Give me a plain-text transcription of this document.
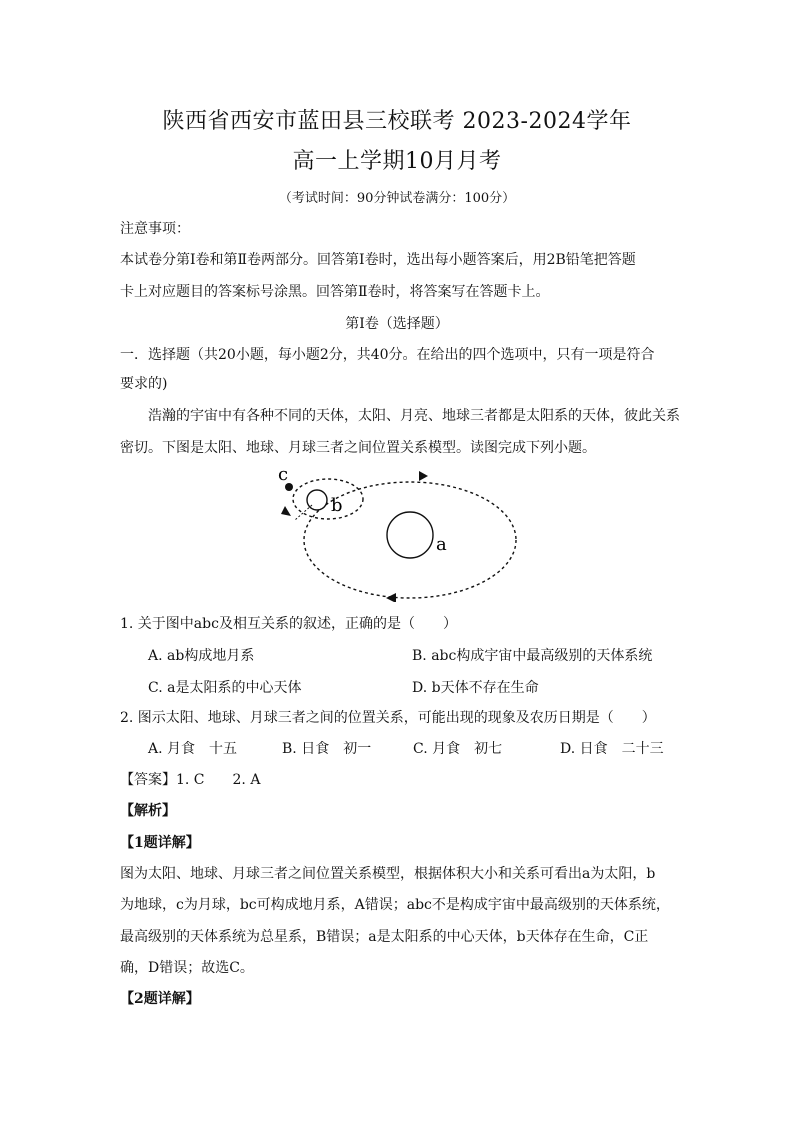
陕西省西安市蓝田县三校联考 2023-2024学年
高一上学期10月月考
（考试时间：90分钟试卷满分：100分）
注意事项：
本试卷分第Ⅰ卷和第Ⅱ卷两部分。回答第Ⅰ卷时，选出每小题答案后，用2B铅笔把答题
卡上对应题目的答案标号涂黑。回答第Ⅱ卷时，将答案写在答题卡上。
第Ⅰ卷（选择题）
一．选择题（共20小题，每小题2分，共40分。在给出的四个选项中，只有一项是符合
要求的)
浩瀚的宇宙中有各种不同的天体，太阳、月亮、地球三者都是太阳系的天体，彼此关系
密切。下图是太阳、地球、月球三者之间位置关系模型。读图完成下列小题。
a
b
c
1. 关于图中abc及相互关系的叙述，正确的是（　　）
A. ab构成地月系	B. abc构成宇宙中最高级别的天体系统
C. a是太阳系的中心天体	D. b天体不存在生命
2. 图示太阳、地球、月球三者之间的位置关系，可能出现的现象及农历日期是（　　）
A. 月食　十五	B. 日食　初一	C. 月食　初七	D. 日食　二十三
【答案】1. C　　2. A
【解析】
【1题详解】
图为太阳、地球、月球三者之间位置关系模型，根据体积大小和关系可看出a为太阳，b
为地球，c为月球，bc可构成地月系，A错误；abc不是构成宇宙中最高级别的天体系统，
最高级别的天体系统为总星系，B错误；a是太阳系的中心天体，b天体存在生命，C正
确，D错误；故选C。
【2题详解】
